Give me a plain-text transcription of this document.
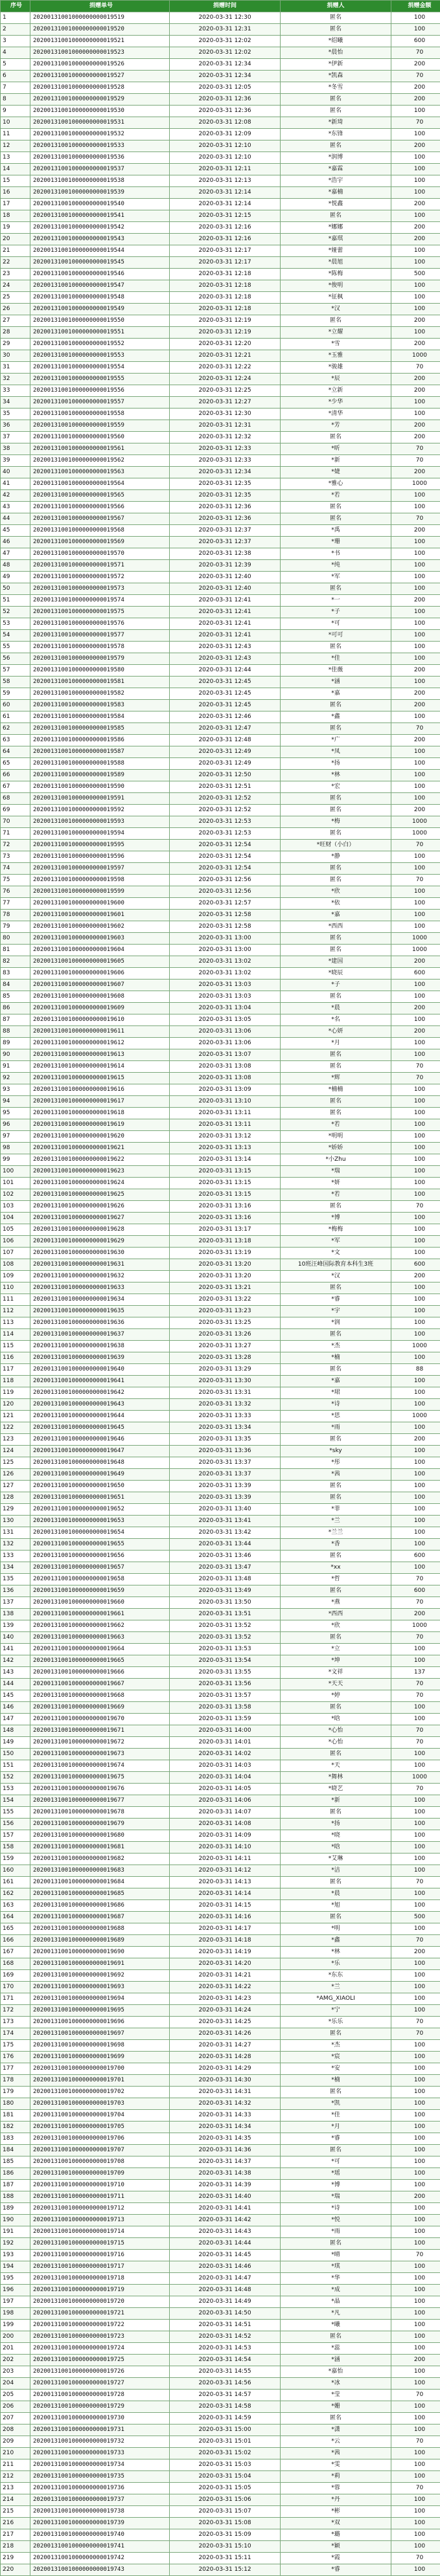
序号	捐赠单号	捐赠时间	捐赠人	捐赠金额
1	20200131001000000000019519	2020-03-31 12:30	匿名	100
2	20200131001000000000019520	2020-03-31 12:31	匿名	100
3	20200131001000000000019521	2020-03-31 12:02	*绍曦	600
4	20200131001000000000019523	2020-03-31 12:02	*晨怡	70
5	20200131001000000000019526	2020-03-31 12:34	*伊新	200
6	20200131001000000000019527	2020-03-31 12:34	*凯森	70
7	20200131001000000000019528	2020-03-31 12:05	*冬雪	200
8	20200131001000000000019529	2020-03-31 12:36	匿名	200
9	20200131001000000000019530	2020-03-31 12:36	匿名	100
10	20200131001000000000019531	2020-03-31 12:08	*新琦	70
11	20200131001000000000019532	2020-03-31 12:09	*东锋	100
12	20200131001000000000019533	2020-03-31 12:10	匿名	200
13	20200131001000000000019536	2020-03-31 12:10	*润博	100
14	20200131001000000000019537	2020-03-31 12:11	*嘉霖	100
15	20200131001000000000019538	2020-03-31 12:13	*浩宇	100
16	20200131001000000000019539	2020-03-31 12:14	*嘉楠	100
17	20200131001000000000019540	2020-03-31 12:14	*悦鑫	200
18	20200131001000000000019541	2020-03-31 12:15	匿名	100
19	20200131001000000000019542	2020-03-31 12:16	*娜娜	200
20	20200131001000000000019543	2020-03-31 12:16	*嘉琪	200
21	20200131001000000000019544	2020-03-31 12:17	*娅蕾	100
22	20200131001000000000019545	2020-03-31 12:17	*晨旭	100
23	20200131001000000000019546	2020-03-31 12:18	*陈梅	500
24	20200131001000000000019547	2020-03-31 12:18	*俊明	100
25	20200131001000000000019548	2020-03-31 12:18	*征枫	100
26	20200131001000000000019549	2020-03-31 12:18	*汉	100
27	20200131001000000000019550	2020-03-31 12:19	匿名	200
28	20200131001000000000019551	2020-03-31 12:19	*立耀	100
29	20200131001000000000019552	2020-03-31 12:20	*雪	200
30	20200131001000000000019553	2020-03-31 12:21	*玉雅	1000
31	20200131001000000000019554	2020-03-31 12:22	*骏雄	70
32	20200131001000000000019555	2020-03-31 12:24	*辰	200
33	20200131001000000000019556	2020-03-31 12:25	*立新	200
34	20200131001000000000019557	2020-03-31 12:27	*少华	100
35	20200131001000000000019558	2020-03-31 12:30	*清华	100
36	20200131001000000000019559	2020-03-31 12:31	*芳	200
37	20200131001000000000019560	2020-03-31 12:32	匿名	200
38	20200131001000000000019561	2020-03-31 12:33	*昕	70
39	20200131001000000000019562	2020-03-31 12:33	*新	70
40	20200131001000000000019563	2020-03-31 12:34	*婕	200
41	20200131001000000000019564	2020-03-31 12:35	*雅心	1000
42	20200131001000000000019565	2020-03-31 12:35	*若	100
43	20200131001000000000019566	2020-03-31 12:36	匿名	100
44	20200131001000000000019567	2020-03-31 12:36	匿名	70
45	20200131001000000000019568	2020-03-31 12:37	*禹	200
46	20200131001000000000019569	2020-03-31 12:37	*珊	100
47	20200131001000000000019570	2020-03-31 12:38	*书	100
48	20200131001000000000019571	2020-03-31 12:39	*纯	100
49	20200131001000000000019572	2020-03-31 12:40	*军	100
50	20200131001000000000019573	2020-03-31 12:40	匿名	100
51	20200131001000000000019574	2020-03-31 12:41	*一	200
52	20200131001000000000019575	2020-03-31 12:41	*子	100
53	20200131001000000000019576	2020-03-31 12:41	*可	100
54	20200131001000000000019577	2020-03-31 12:41	*可可	100
55	20200131001000000000019578	2020-03-31 12:43	匿名	100
56	20200131001000000000019579	2020-03-31 12:43	*佳	100
57	20200131001000000000019580	2020-03-31 12:44	*佳薇	200
58	20200131001000000000019581	2020-03-31 12:45	*涵	100
59	20200131001000000000019582	2020-03-31 12:45	*嘉	200
60	20200131001000000000019583	2020-03-31 12:45	匿名	200
61	20200131001000000000019584	2020-03-31 12:46	*鑫	100
62	20200131001000000000019585	2020-03-31 12:47	匿名	70
63	20200131001000000000019586	2020-03-31 12:48	*广	200
64	20200131001000000000019587	2020-03-31 12:49	*凤	100
65	20200131001000000000019588	2020-03-31 12:49	*扬	100
66	20200131001000000000019589	2020-03-31 12:50	*林	100
67	20200131001000000000019590	2020-03-31 12:51	*宏	100
68	20200131001000000000019591	2020-03-31 12:52	匿名	100
69	20200131001000000000019592	2020-03-31 12:52	匿名	200
70	20200131001000000000019593	2020-03-31 12:53	*梅	1000
71	20200131001000000000019594	2020-03-31 12:53	匿名	1000
72	20200131001000000000019595	2020-03-31 12:54	*旺财（小白）	70
73	20200131001000000000019596	2020-03-31 12:54	*静	100
74	20200131001000000000019597	2020-03-31 12:54	匿名	100
75	20200131001000000000019598	2020-03-31 12:56	匿名	70
76	20200131001000000000019599	2020-03-31 12:56	*欣	100
77	20200131001000000000019600	2020-03-31 12:57	*依	100
78	20200131001000000000019601	2020-03-31 12:58	*嘉	100
79	20200131001000000000019602	2020-03-31 12:58	*西西	100
80	20200131001000000000019603	2020-03-31 13:00	匿名	1000
81	20200131001000000000019604	2020-03-31 13:00	匿名	1000
82	20200131001000000000019605	2020-03-31 13:02	*建国	200
83	20200131001000000000019606	2020-03-31 13:02	*晓辰	600
84	20200131001000000000019607	2020-03-31 13:03	*子	100
85	20200131001000000000019608	2020-03-31 13:03	匿名	100
86	20200131001000000000019609	2020-03-31 13:04	*晨	200
87	20200131001000000000019610	2020-03-31 13:05	*名	100
88	20200131001000000000019611	2020-03-31 13:06	*心妍	200
89	20200131001000000000019612	2020-03-31 13:06	*月	100
90	20200131001000000000019613	2020-03-31 13:07	匿名	100
91	20200131001000000000019614	2020-03-31 13:08	匿名	70
92	20200131001000000000019615	2020-03-31 13:08	*辉	70
93	20200131001000000000019616	2020-03-31 13:09	*楠楠	100
94	20200131001000000000019617	2020-03-31 13:10	匿名	100
95	20200131001000000000019618	2020-03-31 13:11	匿名	100
96	20200131001000000000019619	2020-03-31 13:11	*若	100
97	20200131001000000000019620	2020-03-31 13:12	*明明	100
98	20200131001000000000019621	2020-03-31 13:13	*娇娇	100
99	20200131001000000000019622	2020-03-31 13:14	*小Zhu	100
100	20200131001000000000019623	2020-03-31 13:15	*瑞	100
101	20200131001000000000019624	2020-03-31 13:15	*妍	100
102	20200131001000000000019625	2020-03-31 13:15	*若	100
103	20200131001000000000019626	2020-03-31 13:16	匿名	70
104	20200131001000000000019627	2020-03-31 13:16	*博	100
105	20200131001000000000019628	2020-03-31 13:17	*梅梅	100
106	20200131001000000000019629	2020-03-31 13:18	*军	100
107	20200131001000000000019630	2020-03-31 13:19	*文	100
108	20200131001000000000019631	2020-03-31 13:20	10班汪峰国际教育本科生3班	600
109	20200131001000000000019632	2020-03-31 13:20	*汉	200
110	20200131001000000000019633	2020-03-31 13:21	匿名	100
111	20200131001000000000019634	2020-03-31 13:22	*睿	100
112	20200131001000000000019635	2020-03-31 13:23	*宇	100
113	20200131001000000000019636	2020-03-31 13:25	*润	100
114	20200131001000000000019637	2020-03-31 13:26	匿名	100
115	20200131001000000000019638	2020-03-31 13:27	*杰	1000
116	20200131001000000000019639	2020-03-31 13:28	*楠	100
117	20200131001000000000019640	2020-03-31 13:29	匿名	88
118	20200131001000000000019641	2020-03-31 13:30	*嘉	100
119	20200131001000000000019642	2020-03-31 13:31	*珺	100
120	20200131001000000000019643	2020-03-31 13:32	*诗	100
121	20200131001000000000019644	2020-03-31 13:33	*思	1000
122	20200131001000000000019645	2020-03-31 13:34	*雨	100
123	20200131001000000000019646	2020-03-31 13:35	匿名	200
124	20200131001000000000019647	2020-03-31 13:36	*sky	100
125	20200131001000000000019648	2020-03-31 13:37	*彤	100
126	20200131001000000000019649	2020-03-31 13:37	*茜	100
127	20200131001000000000019650	2020-03-31 13:39	匿名	100
128	20200131001000000000019651	2020-03-31 13:39	匿名	100
129	20200131001000000000019652	2020-03-31 13:40	*菲	100
130	20200131001000000000019653	2020-03-31 13:41	*兰	100
131	20200131001000000000019654	2020-03-31 13:42	*兰兰	100
132	20200131001000000000019655	2020-03-31 13:44	*香	100
133	20200131001000000000019656	2020-03-31 13:46	匿名	600
134	20200131001000000000019657	2020-03-31 13:47	*xx	100
135	20200131001000000000019658	2020-03-31 13:48	*哲	70
136	20200131001000000000019659	2020-03-31 13:49	匿名	600
137	20200131001000000000019660	2020-03-31 13:50	*燕	70
138	20200131001000000000019661	2020-03-31 13:51	*西西	200
139	20200131001000000000019662	2020-03-31 13:52	*欣	1000
140	20200131001000000000019663	2020-03-31 13:52	匿名	70
141	20200131001000000000019664	2020-03-31 13:53	*立	100
142	20200131001000000000019665	2020-03-31 13:54	*坤	100
143	20200131001000000000019666	2020-03-31 13:55	*文祥	137
144	20200131001000000000019667	2020-03-31 13:56	*天天	70
145	20200131001000000000019668	2020-03-31 13:57	*婷	70
146	20200131001000000000019669	2020-03-31 13:58	匿名	100
147	20200131001000000000019670	2020-03-31 13:59	*晗	100
148	20200131001000000000019671	2020-03-31 14:00	*心怡	70
149	20200131001000000000019672	2020-03-31 14:01	*心怡	70
150	20200131001000000000019673	2020-03-31 14:02	匿名	100
151	20200131001000000000019674	2020-03-31 14:03	*天	100
152	20200131001000000000019675	2020-03-31 14:04	*舞林	1000
153	20200131001000000000019676	2020-03-31 14:05	*晓艺	70
154	20200131001000000000019677	2020-03-31 14:06	*新	100
155	20200131001000000000019678	2020-03-31 14:07	匿名	100
156	20200131001000000000019679	2020-03-31 14:08	*扬	100
157	20200131001000000000019680	2020-03-31 14:09	*晓	100
158	20200131001000000000019681	2020-03-31 14:10	*晗	100
159	20200131001000000000019682	2020-03-31 14:11	*艾琳	100
160	20200131001000000000019683	2020-03-31 14:12	*洁	100
161	20200131001000000000019684	2020-03-31 14:13	匿名	70
162	20200131001000000000019685	2020-03-31 14:14	*晨	100
163	20200131001000000000019686	2020-03-31 14:15	*旭	100
164	20200131001000000000019687	2020-03-31 14:16	匿名	500
165	20200131001000000000019688	2020-03-31 14:17	*明	100
166	20200131001000000000019689	2020-03-31 14:18	*鑫	70
167	20200131001000000000019690	2020-03-31 14:19	*林	200
168	20200131001000000000019691	2020-03-31 14:20	*乐	100
169	20200131001000000000019692	2020-03-31 14:21	*东东	100
170	20200131001000000000019693	2020-03-31 14:22	*兰	100
171	20200131001000000000019694	2020-03-31 14:23	*AMG_XIAOLI	100
172	20200131001000000000019695	2020-03-31 14:24	*宁	100
173	20200131001000000000019696	2020-03-31 14:25	*乐乐	70
174	20200131001000000000019697	2020-03-31 14:26	匿名	70
175	20200131001000000000019698	2020-03-31 14:27	*杰	100
176	20200131001000000000019699	2020-03-31 14:28	*宸	100
177	20200131001000000000019700	2020-03-31 14:29	*安	100
178	20200131001000000000019701	2020-03-31 14:30	*楠	100
179	20200131001000000000019702	2020-03-31 14:31	匿名	100
180	20200131001000000000019703	2020-03-31 14:32	*凯	100
181	20200131001000000000019704	2020-03-31 14:33	*佳	100
182	20200131001000000000019705	2020-03-31 14:34	*月	100
183	20200131001000000000019706	2020-03-31 14:35	*睿	100
184	20200131001000000000019707	2020-03-31 14:36	匿名	100
185	20200131001000000000019708	2020-03-31 14:37	*可	100
186	20200131001000000000019709	2020-03-31 14:38	*瑶	100
187	20200131001000000000019710	2020-03-31 14:39	*博	100
188	20200131001000000000019711	2020-03-31 14:40	*瑞	200
189	20200131001000000000019712	2020-03-31 14:41	*诗	100
190	20200131001000000000019713	2020-03-31 14:42	*悦	100
191	20200131001000000000019714	2020-03-31 14:43	*雨	100
192	20200131001000000000019715	2020-03-31 14:44	匿名	100
193	20200131001000000000019716	2020-03-31 14:45	*晴	70
194	20200131001000000000019717	2020-03-31 14:46	*琪	100
195	20200131001000000000019718	2020-03-31 14:47	*华	100
196	20200131001000000000019719	2020-03-31 14:48	*成	100
197	20200131001000000000019720	2020-03-31 14:49	*晶	100
198	20200131001000000000019721	2020-03-31 14:50	*凡	100
199	20200131001000000000019722	2020-03-31 14:51	*曦	100
200	20200131001000000000019723	2020-03-31 14:52	匿名	100
201	20200131001000000000019724	2020-03-31 14:53	*蕊	100
202	20200131001000000000019725	2020-03-31 14:54	*涵	200
203	20200131001000000000019726	2020-03-31 14:55	*嘉怡	100
204	20200131001000000000019727	2020-03-31 14:56	*冰	100
205	20200131001000000000019728	2020-03-31 14:57	*莹	70
206	20200131001000000000019729	2020-03-31 14:58	*姗	100
207	20200131001000000000019730	2020-03-31 14:59	匿名	100
208	20200131001000000000019731	2020-03-31 15:00	*潇	100
209	20200131001000000000019732	2020-03-31 15:01	*云	70
210	20200131001000000000019733	2020-03-31 15:02	*茜	100
211	20200131001000000000019734	2020-03-31 15:03	*雯	100
212	20200131001000000000019735	2020-03-31 15:04	*莉	100
213	20200131001000000000019736	2020-03-31 15:05	*蓉	70
214	20200131001000000000019737	2020-03-31 15:06	*丹	100
215	20200131001000000000019738	2020-03-31 15:07	*彬	100
216	20200131001000000000019739	2020-03-31 15:08	*双	100
217	20200131001000000000019740	2020-03-31 15:09	*璐	100
218	20200131001000000000019741	2020-03-31 15:10	*颖	100
219	20200131001000000000019742	2020-03-31 15:11	*霞	70
220	20200131001000000000019743	2020-03-31 15:12	*睿	100
